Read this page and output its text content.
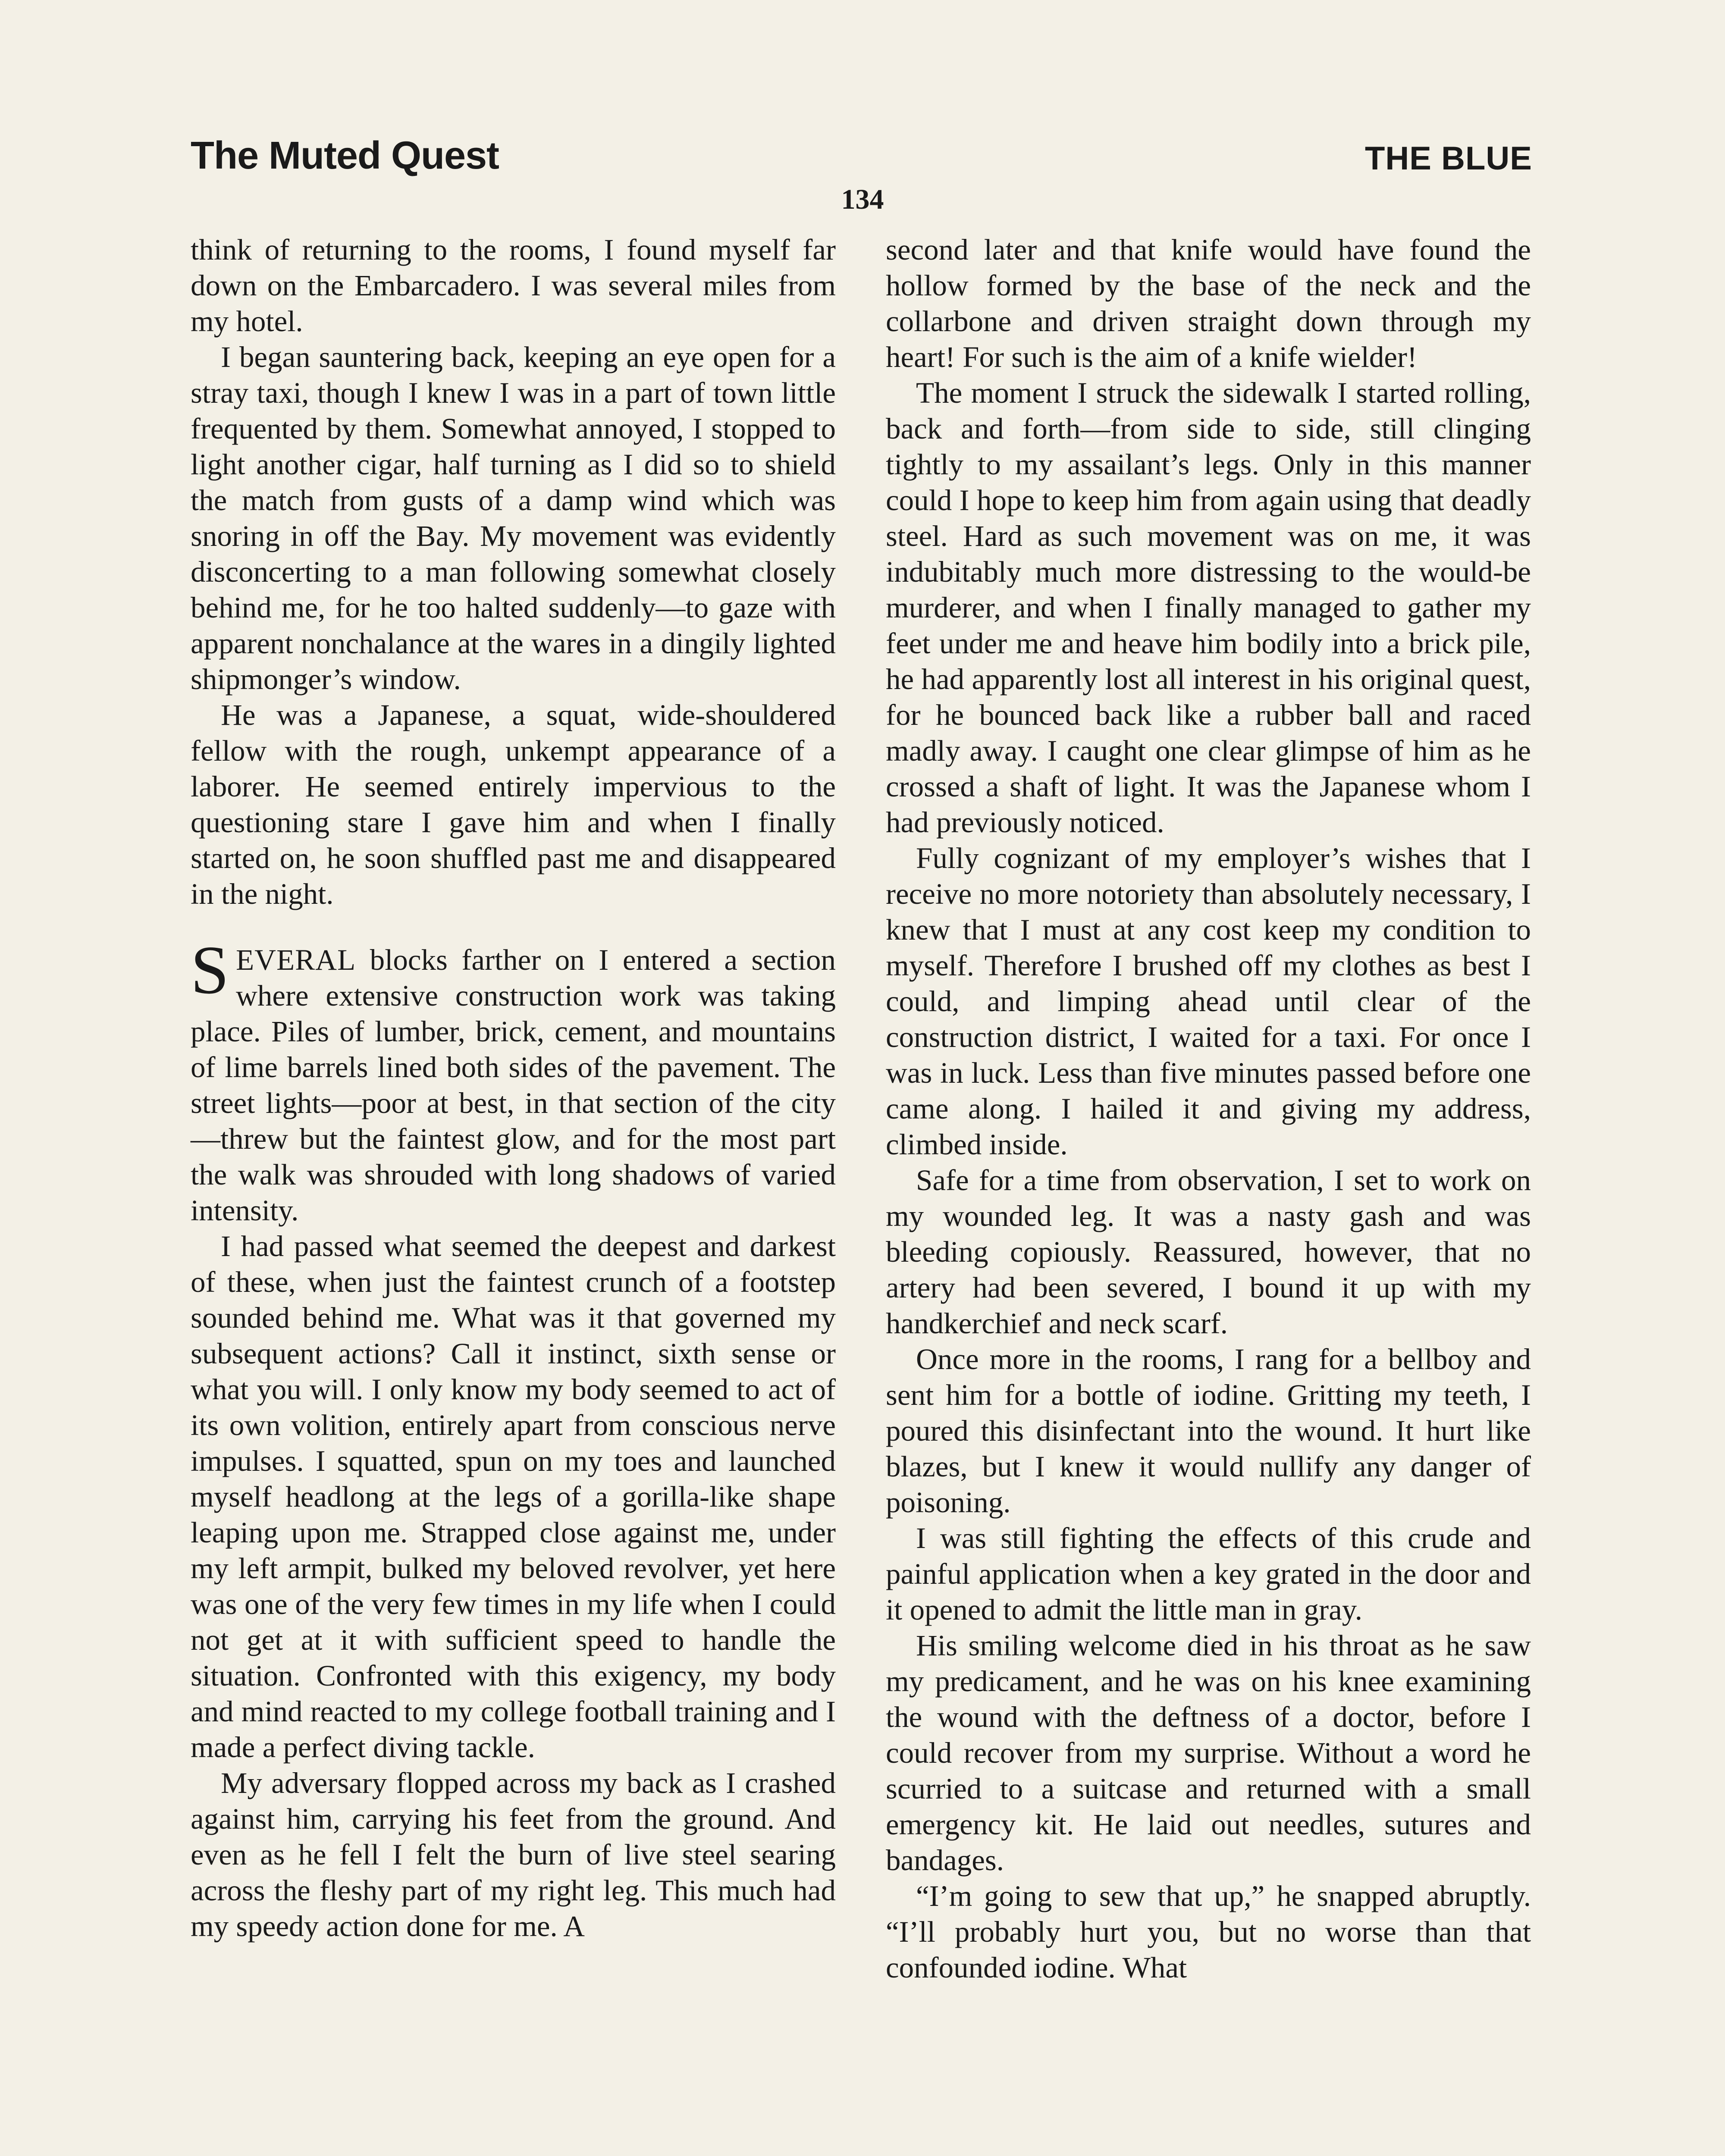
The Muted Quest	THE BLUE
134

think of returning to the rooms, I found myself far down on the Embarcadero. I was several miles from my hotel.

I began sauntering back, keeping an eye open for a stray taxi, though I knew I was in a part of town little frequented by them. Somewhat annoyed, I stopped to light another cigar, half turning as I did so to shield the match from gusts of a damp wind which was snoring in off the Bay. My movement was evidently disconcerting to a man following somewhat closely behind me, for he too halted suddenly—to gaze with apparent nonchalance at the wares in a dingily lighted shipmonger’s window.

He was a Japanese, a squat, wide-shouldered fellow with the rough, unkempt appearance of a laborer. He seemed entirely impervious to the questioning stare I gave him and when I finally started on, he soon shuffled past me and disappeared in the night.

SEVERAL blocks farther on I entered a section where extensive construction work was taking place. Piles of lumber, brick, cement, and mountains of lime barrels lined both sides of the pavement. The street lights—poor at best, in that section of the city—threw but the faintest glow, and for the most part the walk was shrouded with long shadows of varied intensity.

I had passed what seemed the deepest and darkest of these, when just the faintest crunch of a footstep sounded behind me. What was it that governed my subsequent actions? Call it instinct, sixth sense or what you will. I only know my body seemed to act of its own volition, entirely apart from conscious nerve impulses. I squatted, spun on my toes and launched myself headlong at the legs of a gorilla-like shape leaping upon me. Strapped close against me, under my left armpit, bulked my beloved revolver, yet here was one of the very few times in my life when I could not get at it with sufficient speed to handle the situation. Confronted with this exigency, my body and mind reacted to my college football training and I made a perfect diving tackle.

My adversary flopped across my back as I crashed against him, carrying his feet from the ground. And even as he fell I felt the burn of live steel searing across the fleshy part of my right leg. This much had my speedy action done for me. A

second later and that knife would have found the hollow formed by the base of the neck and the collarbone and driven straight down through my heart! For such is the aim of a knife wielder!

The moment I struck the sidewalk I started rolling, back and forth—from side to side, still clinging tightly to my assailant’s legs. Only in this manner could I hope to keep him from again using that deadly steel. Hard as such movement was on me, it was indubitably much more distressing to the would-be murderer, and when I finally managed to gather my feet under me and heave him bodily into a brick pile, he had apparently lost all interest in his original quest, for he bounced back like a rubber ball and raced madly away. I caught one clear glimpse of him as he crossed a shaft of light. It was the Japanese whom I had previously noticed.

Fully cognizant of my employer’s wishes that I receive no more notoriety than absolutely necessary, I knew that I must at any cost keep my condition to myself. Therefore I brushed off my clothes as best I could, and limping ahead until clear of the construction district, I waited for a taxi. For once I was in luck. Less than five minutes passed before one came along. I hailed it and giving my address, climbed inside.

Safe for a time from observation, I set to work on my wounded leg. It was a nasty gash and was bleeding copiously. Reassured, however, that no artery had been severed, I bound it up with my handkerchief and neck scarf.

Once more in the rooms, I rang for a bellboy and sent him for a bottle of iodine. Gritting my teeth, I poured this disinfectant into the wound. It hurt like blazes, but I knew it would nullify any danger of poisoning.

I was still fighting the effects of this crude and painful application when a key grated in the door and it opened to admit the little man in gray.

His smiling welcome died in his throat as he saw my predicament, and he was on his knee examining the wound with the deftness of a doctor, before I could recover from my surprise. Without a word he scurried to a suitcase and returned with a small emergency kit. He laid out needles, sutures and bandages.

“I’m going to sew that up,” he snapped abruptly. “I’ll probably hurt you, but no worse than that confounded iodine. What
